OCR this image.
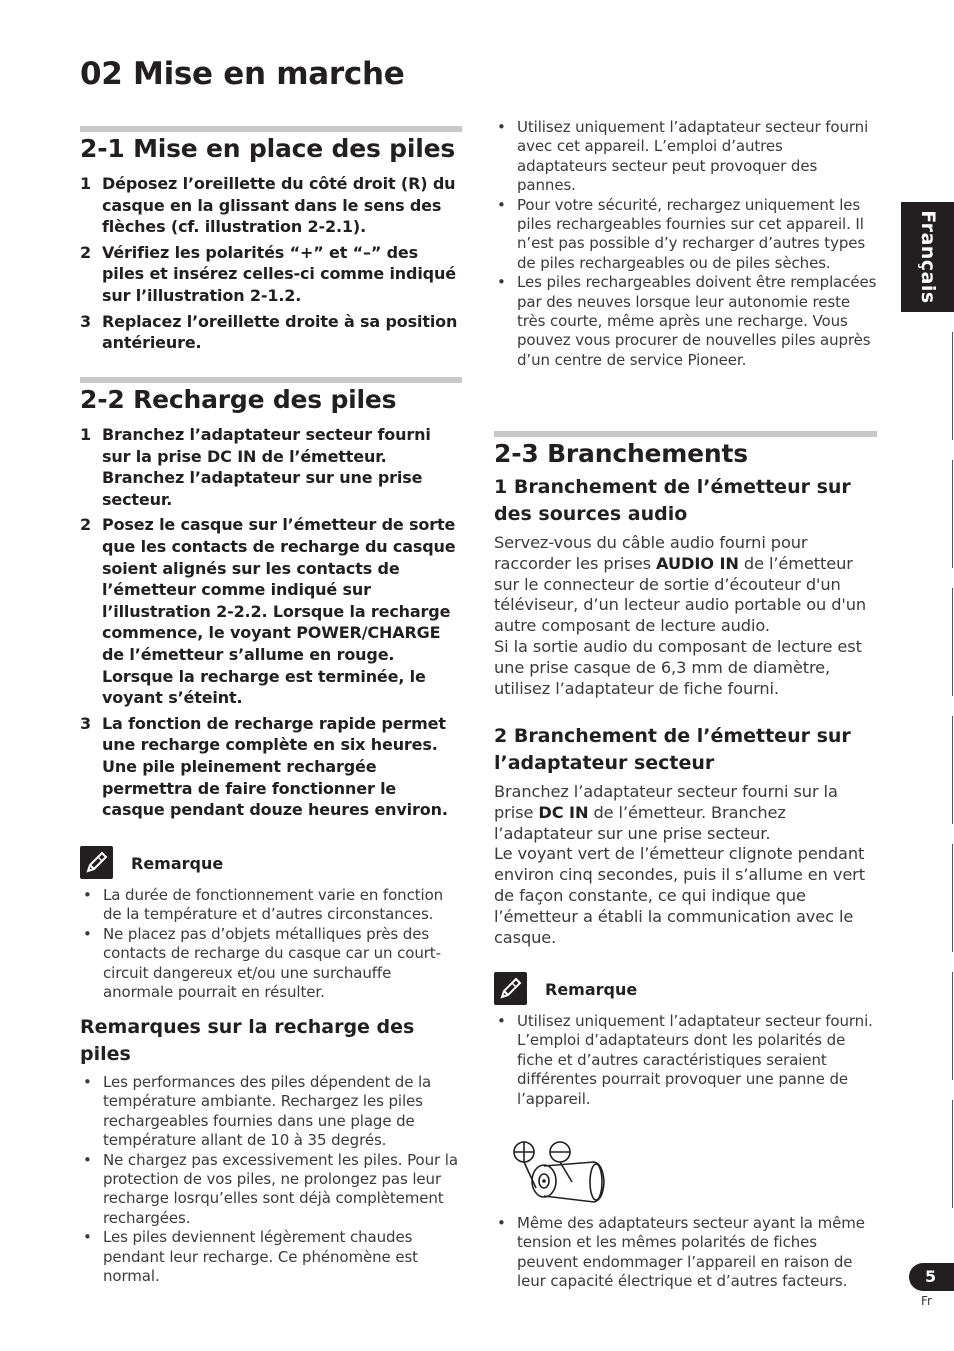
02 Mise en marche
2-1 Mise en place des piles
1 Déposez l’oreillette du côté droit (R) du casque en la glissant dans le sens des flèches (cf. illustration 2-2.1).
2 Vérifiez les polarités “+” et “–” des piles et insérez celles-ci comme indiqué sur l’illustration 2-1.2.
3 Replacez l’oreillette droite à sa position antérieure.
2-2 Recharge des piles
1 Branchez l’adaptateur secteur fourni sur la prise DC IN de l’émetteur. Branchez l’adaptateur sur une prise secteur.
2 Posez le casque sur l’émetteur de sorte que les contacts de recharge du casque soient alignés sur les contacts de l’émetteur comme indiqué sur l’illustration 2-2.2. Lorsque la recharge commence, le voyant POWER/CHARGE de l’émetteur s’allume en rouge. Lorsque la recharge est terminée, le voyant s’éteint.
3 La fonction de recharge rapide permet une recharge complète en six heures. Une pile pleinement rechargée permettra de faire fonctionner le casque pendant douze heures environ.
Remarque
• La durée de fonctionnement varie en fonction de la température et d’autres circonstances.
• Ne placez pas d’objets métalliques près des contacts de recharge du casque car un court-circuit dangereux et/ou une surchauffe anormale pourrait en résulter.
Remarques sur la recharge des piles
• Les performances des piles dépendent de la température ambiante. Rechargez les piles rechargeables fournies dans une plage de température allant de 10 à 35 degrés.
• Ne chargez pas excessivement les piles. Pour la protection de vos piles, ne prolongez pas leur recharge losrqu’elles sont déjà complètement rechargées.
• Les piles deviennent légèrement chaudes pendant leur recharge. Ce phénomène est normal.
• Utilisez uniquement l’adaptateur secteur fourni avec cet appareil. L’emploi d’autres adaptateurs secteur peut provoquer des pannes.
• Pour votre sécurité, rechargez uniquement les piles rechargeables fournies sur cet appareil. Il n’est pas possible d’y recharger d’autres types de piles rechargeables ou de piles sèches.
• Les piles rechargeables doivent être remplacées par des neuves lorsque leur autonomie reste très courte, même après une recharge. Vous pouvez vous procurer de nouvelles piles auprès d’un centre de service Pioneer.
2-3 Branchements
1 Branchement de l’émetteur sur des sources audio

Servez-vous du câble audio fourni pour raccorder les prises AUDIO IN de l’émetteur sur le connecteur de sortie d’écouteur d'un téléviseur, d’un lecteur audio portable ou d'un autre composant de lecture audio.
Si la sortie audio du composant de lecture est une prise casque de 6,3 mm de diamètre, utilisez l’adaptateur de fiche fourni.

2 Branchement de l’émetteur sur l’adaptateur secteur

Branchez l’adaptateur secteur fourni sur la prise DC IN de l’émetteur. Branchez l’adaptateur sur une prise secteur.
Le voyant vert de l’émetteur clignote pendant environ cinq secondes, puis il s’allume en vert de façon constante, ce qui indique que l’émetteur a établi la communication avec le casque.

Remarque
• Utilisez uniquement l’adaptateur secteur fourni.
L’emploi d’adaptateurs dont les polarités de fiche et d’autres caractéristiques seraient différentes pourrait provoquer une panne de l’appareil.
• Même des adaptateurs secteur ayant la même tension et les mêmes polarités de fiches peuvent endommager l’appareil en raison de leur capacité électrique et d’autres facteurs.
Français
5
Fr
